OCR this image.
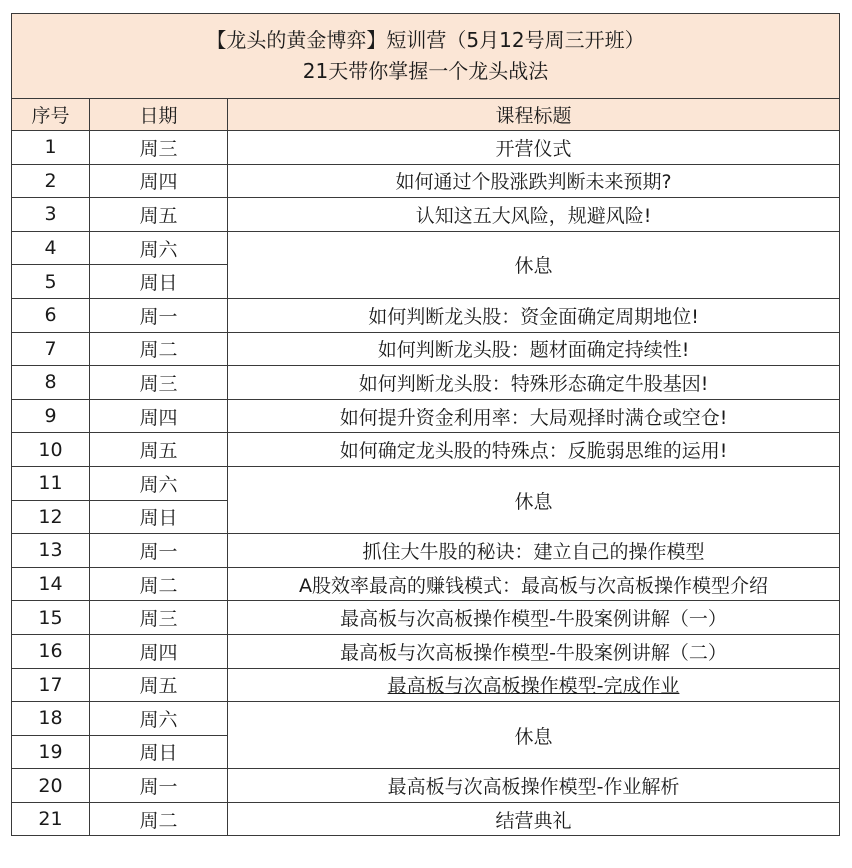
【龙头的黄金博弈】短训营（5月12号周三开班）
21天带你掌握一个龙头战法		

序号	日期	课程标题
1	周三	开营仪式
2	周四	如何通过个股涨跌判断未来预期?
3	周五	认知这五大风险，规避风险!
4	周六	休息
5	周日	
6	周一	如何判断龙头股：资金面确定周期地位!
7	周二	如何判断龙头股：题材面确定持续性!
8	周三	如何判断龙头股：特殊形态确定牛股基因!
9	周四	如何提升资金利用率：大局观择时满仓或空仓!
10	周五	如何确定龙头股的特殊点：反脆弱思维的运用!
11	周六	休息
12	周日	
13	周一	抓住大牛股的秘诀：建立自己的操作模型
14	周二	A股效率最高的赚钱模式：最高板与次高板操作模型介绍
15	周三	最高板与次高板操作模型-牛股案例讲解（一）
16	周四	最高板与次高板操作模型-牛股案例讲解（二）
17	周五	最高板与次高板操作模型-完成作业
18	周六	休息
19	周日	
20	周一	最高板与次高板操作模型-作业解析
21	周二	结营典礼
